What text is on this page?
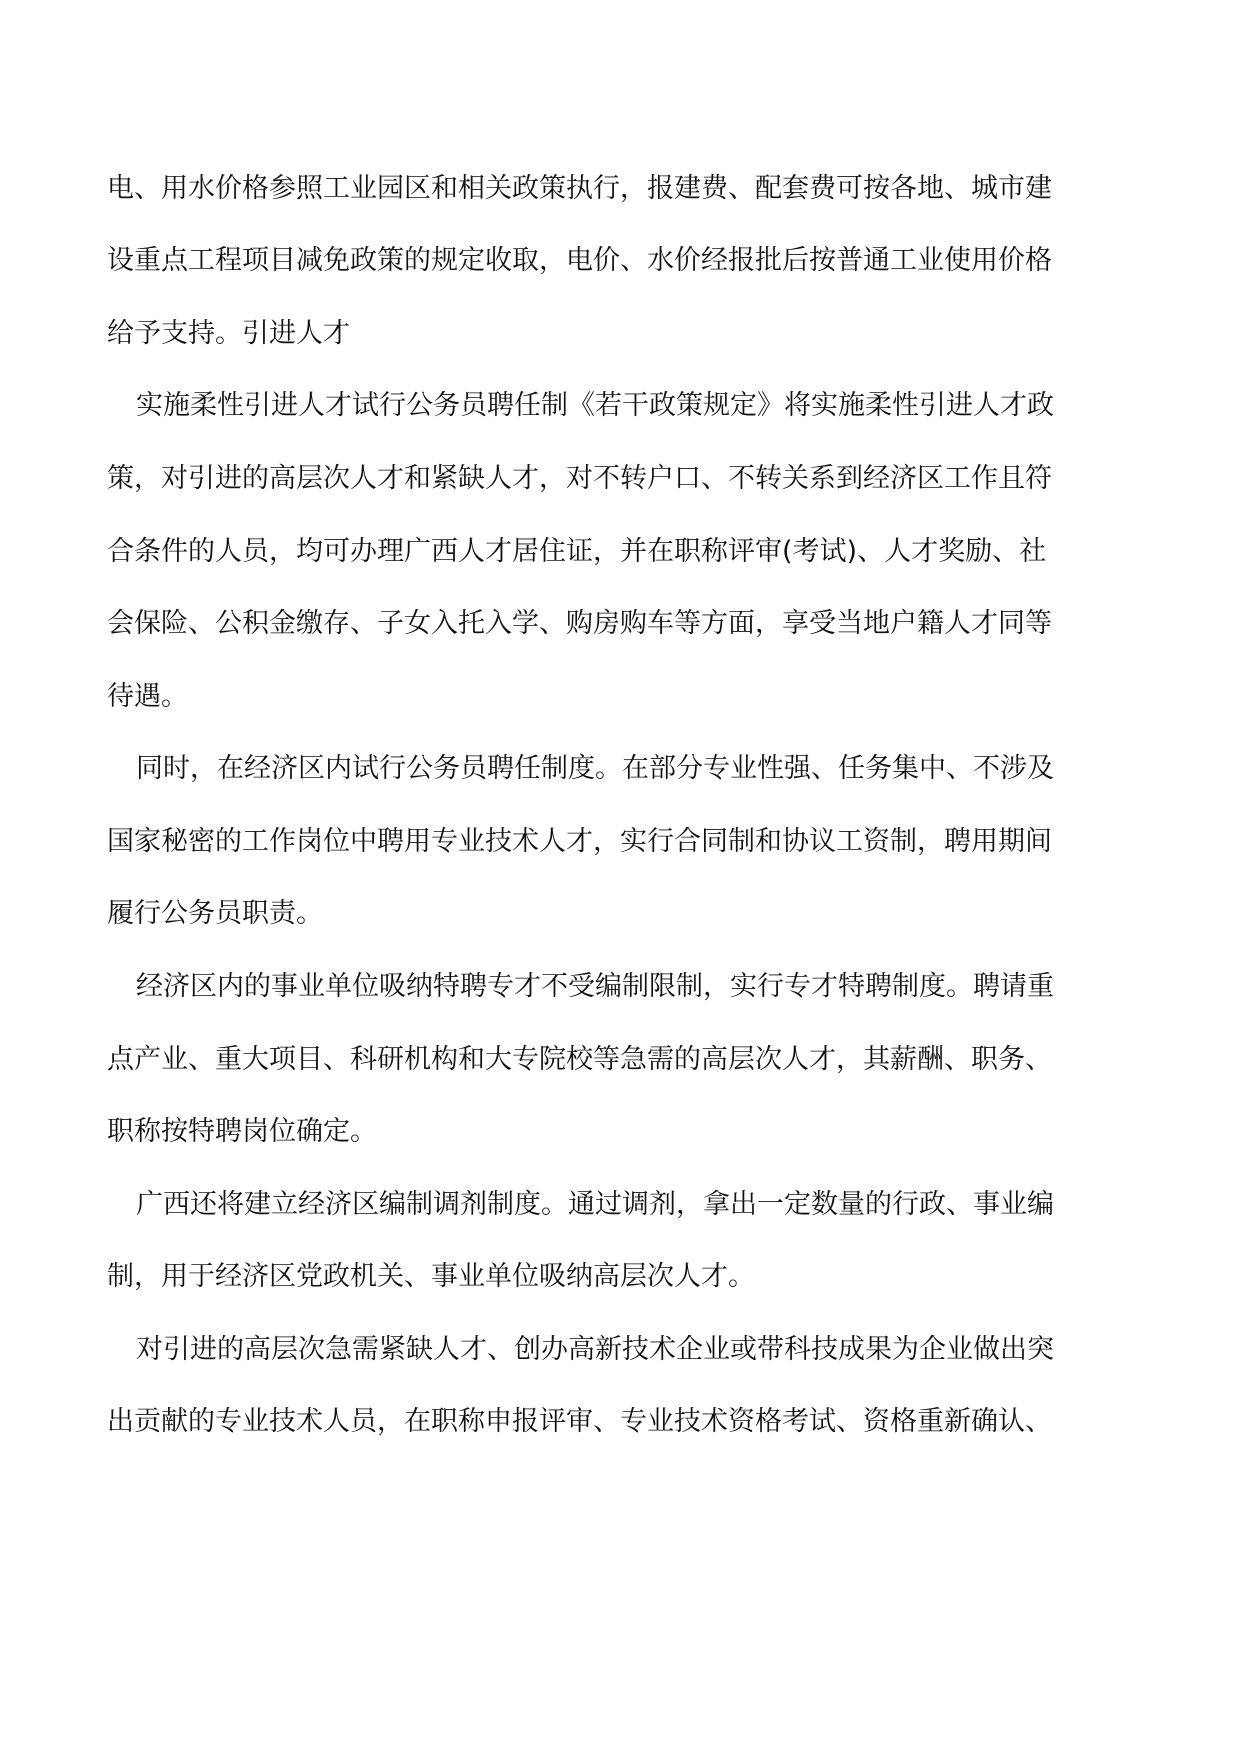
电、用水价格参照工业园区和相关政策执行，报建费、配套费可按各地、城市建
设重点工程项目减免政策的规定收取，电价、水价经报批后按普通工业使用价格
给予支持。引进人才
实施柔性引进人才试行公务员聘任制《若干政策规定》将实施柔性引进人才政
策，对引进的高层次人才和紧缺人才，对不转户口、不转关系到经济区工作且符
合条件的人员，均可办理广西人才居住证，并在职称评审(考试)、人才奖励、社
会保险、公积金缴存、子女入托入学、购房购车等方面，享受当地户籍人才同等
待遇。
同时，在经济区内试行公务员聘任制度。在部分专业性强、任务集中、不涉及
国家秘密的工作岗位中聘用专业技术人才，实行合同制和协议工资制，聘用期间
履行公务员职责。
经济区内的事业单位吸纳特聘专才不受编制限制，实行专才特聘制度。聘请重
点产业、重大项目、科研机构和大专院校等急需的高层次人才，其薪酬、职务、
职称按特聘岗位确定。
广西还将建立经济区编制调剂制度。通过调剂，拿出一定数量的行政、事业编
制，用于经济区党政机关、事业单位吸纳高层次人才。
对引进的高层次急需紧缺人才、创办高新技术企业或带科技成果为企业做出突
出贡献的专业技术人员，在职称申报评审、专业技术资格考试、资格重新确认、
